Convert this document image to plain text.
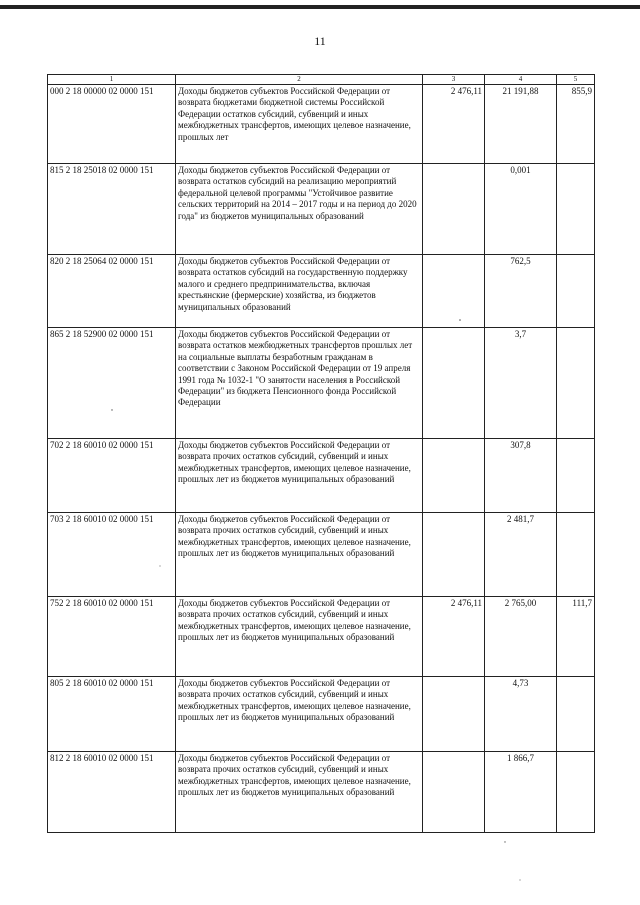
11
1	2	3	4	5
000 2 18 00000 02 0000 151	Доходы бюджетов субъектов Российской Федерации от возврата бюджетами бюджетной системы Российской Федерации остатков субсидий, субвенций и иных межбюджетных трансфертов, имеющих целевое назначение, прошлых лет	2 476,11	21 191,88	855,9
815 2 18 25018 02 0000 151	Доходы бюджетов субъектов Российской Федерации от возврата остатков субсидий на реализацию мероприятий федеральной целевой программы "Устойчивое развитие сельских территорий на 2014 – 2017 годы и на период до 2020 года" из бюджетов муниципальных образований		0,001	
820 2 18 25064 02 0000 151	Доходы бюджетов субъектов Российской Федерации от возврата остатков субсидий на государственную поддержку малого и среднего предпринимательства, включая крестьянские (фермерские) хозяйства, из бюджетов муниципальных образований		762,5	
865 2 18 52900 02 0000 151	Доходы бюджетов субъектов Российской Федерации от возврата остатков межбюджетных трансфертов прошлых лет на социальные выплаты безработным гражданам в соответствии с Законом Российской Федерации от 19 апреля 1991 года № 1032-1 "О занятости населения в Российской Федерации" из бюджета Пенсионного фонда Российской Федерации		3,7	
702 2 18 60010 02 0000 151	Доходы бюджетов субъектов Российской Федерации от возврата прочих остатков субсидий, субвенций и иных межбюджетных трансфертов, имеющих целевое назначение, прошлых лет из бюджетов муниципальных образований		307,8	
703 2 18 60010 02 0000 151	Доходы бюджетов субъектов Российской Федерации от возврата прочих остатков субсидий, субвенций и иных межбюджетных трансфертов, имеющих целевое назначение, прошлых лет из бюджетов муниципальных образований		2 481,7	
752 2 18 60010 02 0000 151	Доходы бюджетов субъектов Российской Федерации от возврата прочих остатков субсидий, субвенций и иных межбюджетных трансфертов, имеющих целевое назначение, прошлых лет из бюджетов муниципальных образований	2 476,11	2 765,00	111,7
805 2 18 60010 02 0000 151	Доходы бюджетов субъектов Российской Федерации от возврата прочих остатков субсидий, субвенций и иных межбюджетных трансфертов, имеющих целевое назначение, прошлых лет из бюджетов муниципальных образований		4,73	
812 2 18 60010 02 0000 151	Доходы бюджетов субъектов Российской Федерации от возврата прочих остатков субсидий, субвенций и иных межбюджетных трансфертов, имеющих целевое назначение, прошлых лет из бюджетов муниципальных образований		1 866,7	
